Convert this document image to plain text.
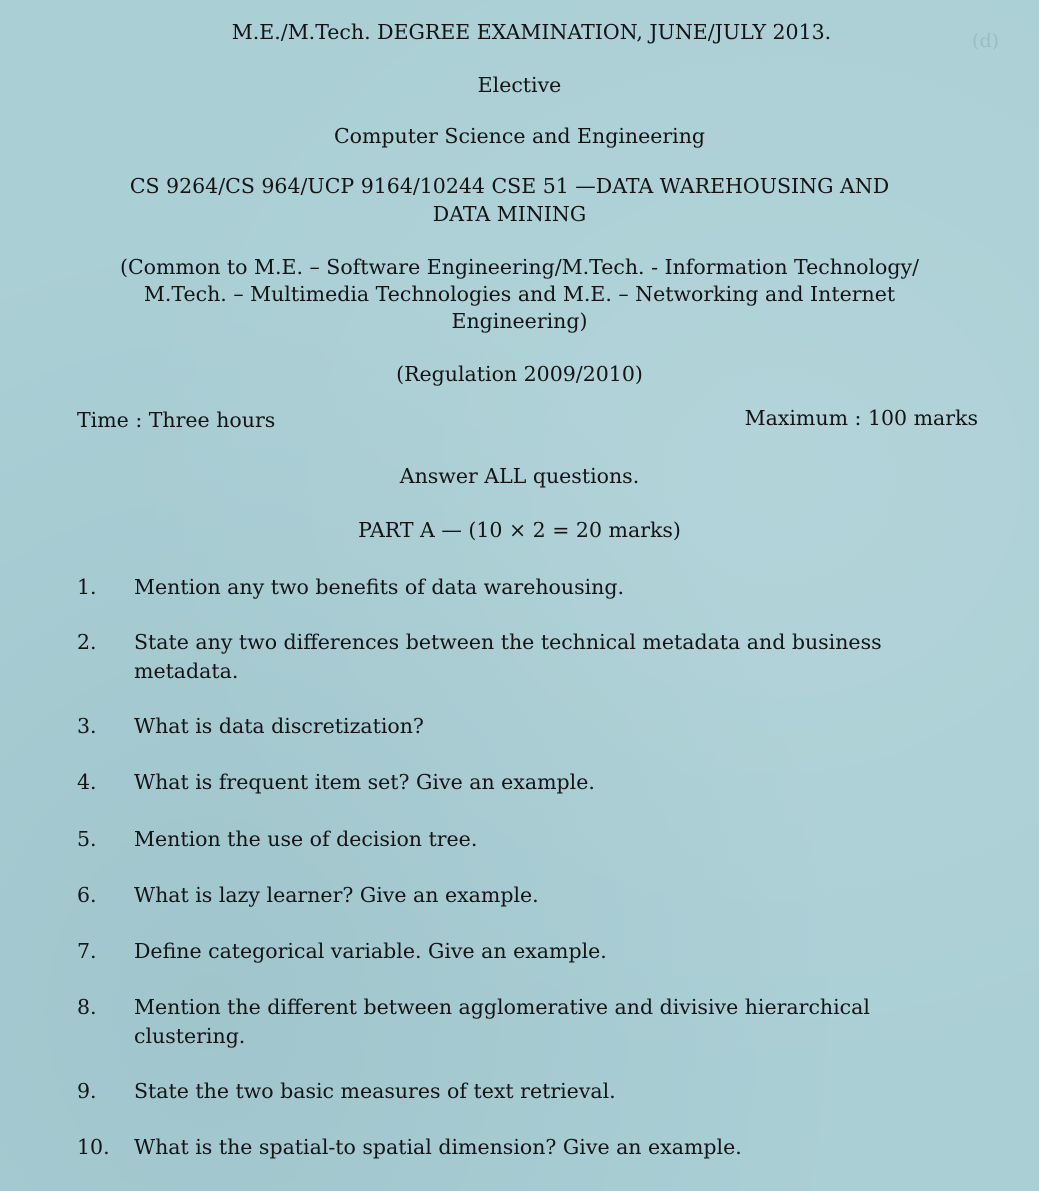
(b)
M.E./M.Tech. DEGREE EXAMINATION, JUNE/JULY 2013.
Elective
Computer Science and Engineering
CS 9264/CS 964/UCP 9164/10244 CSE 51 —DATA WAREHOUSING AND
DATA MINING
(Common to M.E. – Software Engineering/M.Tech. - Information Technology/
M.Tech. – Multimedia Technologies and M.E. – Networking and Internet
Engineering)
(Regulation 2009/2010)
Time : Three hours	Maximum : 100 marks
Answer ALL questions.
PART A — (10 × 2 = 20 marks)
1. Mention any two benefits of data warehousing.
2. State any two differences between the technical metadata and business
metadata.
3. What is data discretization?
4. What is frequent item set? Give an example.
5. Mention the use of decision tree.
6. What is lazy learner? Give an example.
7. Define categorical variable. Give an example.
8. Mention the different between agglomerative and divisive hierarchical
clustering.
9. State the two basic measures of text retrieval.
10. What is the spatial-to spatial dimension? Give an example.
